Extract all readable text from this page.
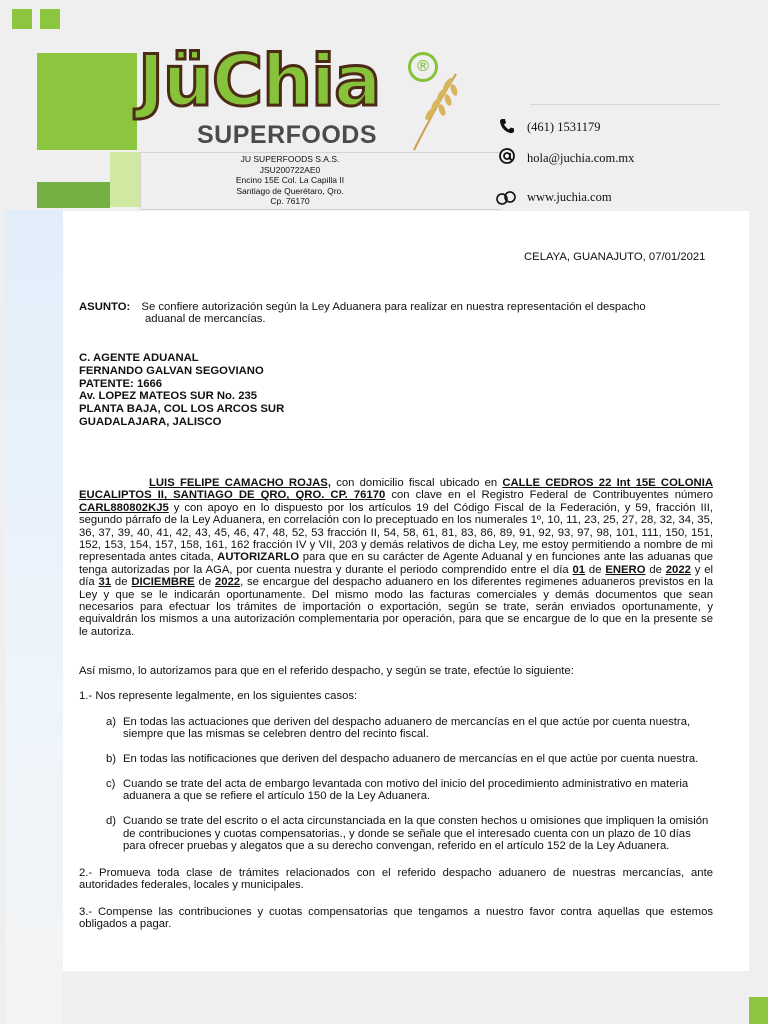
JüChia	®
SUPERFOODS
JU SUPERFOODS S.A.S.
JSU200722AE0
Encino 15E Col. La Capilla II
Santiago de Querétaro, Qro.
Cp. 76170
(461) 1531179
hola@juchia.com.mx
www.juchia.com
CELAYA, GUANAJUTO, 07/01/2021
ASUNTO: Se confiere autorización según la Ley Aduanera para realizar en nuestra representación el despacho
aduanal de mercancías.
C. AGENTE ADUANAL
FERNANDO GALVAN SEGOVIANO
PATENTE: 1666
Av. LOPEZ MATEOS SUR No. 235
PLANTA BAJA, COL LOS ARCOS SUR
GUADALAJARA, JALISCO
LUIS FELIPE CAMACHO ROJAS, con domicilio fiscal ubicado en CALLE CEDROS 22 Int 15E COLONIA EUCALIPTOS II, SANTIAGO DE QRO, QRO. CP. 76170 con clave en el Registro Federal de Contribuyentes número CARL880802KJ5 y con apoyo en lo dispuesto por los artículos 19 del Código Fiscal de la Federación, y 59, fracción III, segundo párrafo de la Ley Aduanera, en correlación con lo preceptuado en los numerales 1º, 10, 11, 23, 25, 27, 28, 32, 34, 35, 36, 37, 39, 40, 41, 42, 43, 45, 46, 47, 48, 52, 53 fracción II, 54, 58, 61, 81, 83, 86, 89, 91, 92, 93, 97, 98, 101, 111, 150, 151, 152, 153, 154, 157, 158, 161, 162 fracción IV y VII, 203 y demás relativos de dicha Ley, me estoy permitiendo a nombre de mi representada antes citada, AUTORIZARLO para que en su carácter de Agente Aduanal y en funciones ante las aduanas que tenga autorizadas por la AGA, por cuenta nuestra y durante el periodo comprendido entre el día 01 de ENERO de 2022 y el día 31 de DICIEMBRE de 2022, se encargue del despacho aduanero en los diferentes regimenes aduaneros previstos en la Ley y que se le indicarán oportunamente. Del mismo modo las facturas comerciales y demás documentos que sean necesarios para efectuar los trámites de importación o exportación, según se trate, serán enviados oportunamente, y equivaldrán los mismos a una autorización complementaria por operación, para que se encargue de lo que en la presente se le autoriza.
Así mismo, lo autorizamos para que en el referido despacho, y según se trate, efectúe lo siguiente:
1.- Nos represente legalmente, en los siguientes casos:
a) En todas las actuaciones que deriven del despacho aduanero de mercancías en el que actúe por cuenta nuestra, siempre que las mismas se celebren dentro del recinto fiscal.
b) En todas las notificaciones que deriven del despacho aduanero de mercancías en el que actúe por cuenta nuestra.
c) Cuando se trate del acta de embargo levantada con motivo del inicio del procedimiento administrativo en materia aduanera a que se refiere el artículo 150 de la Ley Aduanera.
d) Cuando se trate del escrito o el acta circunstanciada en la que consten hechos u omisiones que impliquen la omisión de contribuciones y cuotas compensatorias., y donde se señale que el interesado cuenta con un plazo de 10 días para ofrecer pruebas y alegatos que a su derecho convengan, referido en el artículo 152 de la Ley Aduanera.
2.- Promueva toda clase de trámites relacionados con el referido despacho aduanero de nuestras mercancías, ante autoridades federales, locales y municipales.
3.- Compense las contribuciones y cuotas compensatorias que tengamos a nuestro favor contra aquellas que estemos obligados a pagar.
